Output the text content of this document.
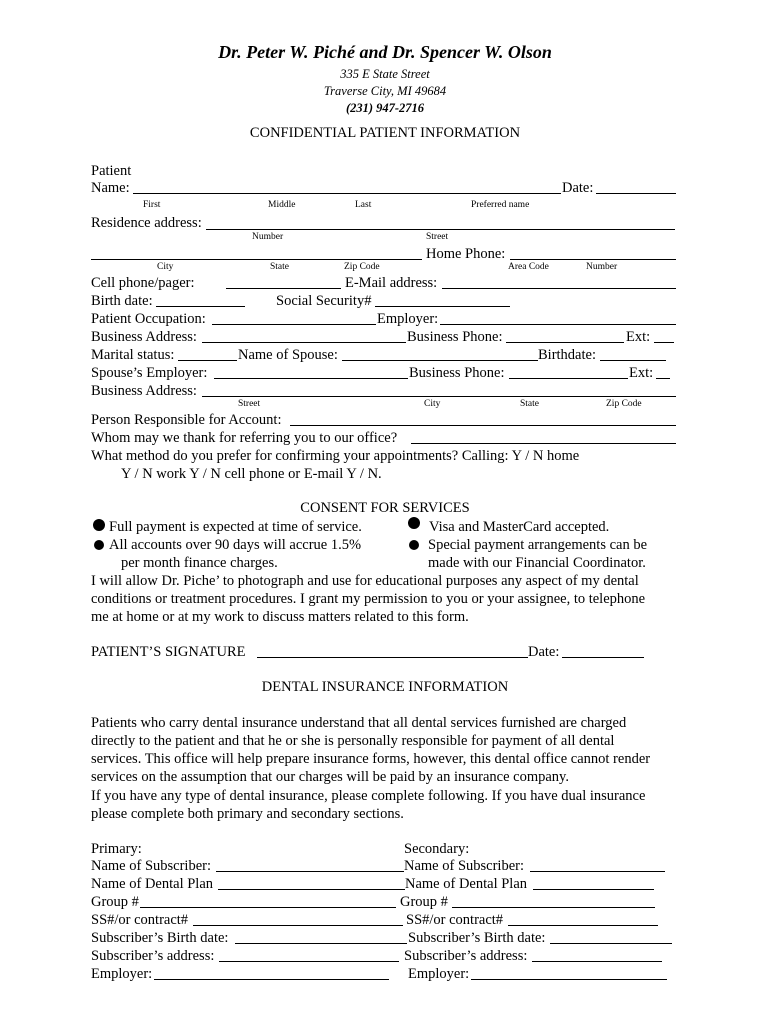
Dr. Peter W. Piché and Dr. Spencer W. Olson
335 E State Street
Traverse City, MI 49684
(231) 947-2716
CONFIDENTIAL PATIENT INFORMATION
Patient
Name:	Date:
First	Middle	Last	Preferred name
Residence address:
Number	Street
Home Phone:
City	State	Zip Code	Area Code	Number
Cell phone/pager:	E-Mail address:
Birth date:	Social Security#
Patient Occupation:	Employer:
Business Address:	Business Phone:	Ext:
Marital status:	Name of Spouse:	Birthdate:
Spouse’s Employer:	Business Phone:	Ext:
Business Address:
Street	City	State	Zip Code
Person Responsible for Account:
Whom may we thank for referring you to our office?
What method do you prefer for confirming your appointments? Calling: Y / N home
Y / N work Y / N cell phone or E-mail Y / N.
CONSENT FOR SERVICES
Full payment is expected at time of service.
All accounts over 90 days will accrue 1.5%
per month finance charges.
Visa and MasterCard accepted.
Special payment arrangements can be
made with our Financial Coordinator.
I will allow Dr. Piche’ to photograph and use for educational purposes any aspect of my dental
conditions or treatment procedures. I grant my permission to you or your assignee, to telephone
me at home or at my work to discuss matters related to this form.
PATIENT’S SIGNATURE	Date:
DENTAL INSURANCE INFORMATION
Patients who carry dental insurance understand that all dental services furnished are charged
directly to the patient and that he or she is personally responsible for payment of all dental
services. This office will help prepare insurance forms, however, this dental office cannot render
services on the assumption that our charges will be paid by an insurance company.
If you have any type of dental insurance, please complete following. If you have dual insurance
please complete both primary and secondary sections.
Primary:
Name of Subscriber:
Name of Dental Plan
Group #
SS#/or contract#
Subscriber’s Birth date:
Subscriber’s address:
Employer:
Secondary:
Name of Subscriber:
Name of Dental Plan
Group #
SS#/or contract#
Subscriber’s Birth date:
Subscriber’s address:
Employer:
